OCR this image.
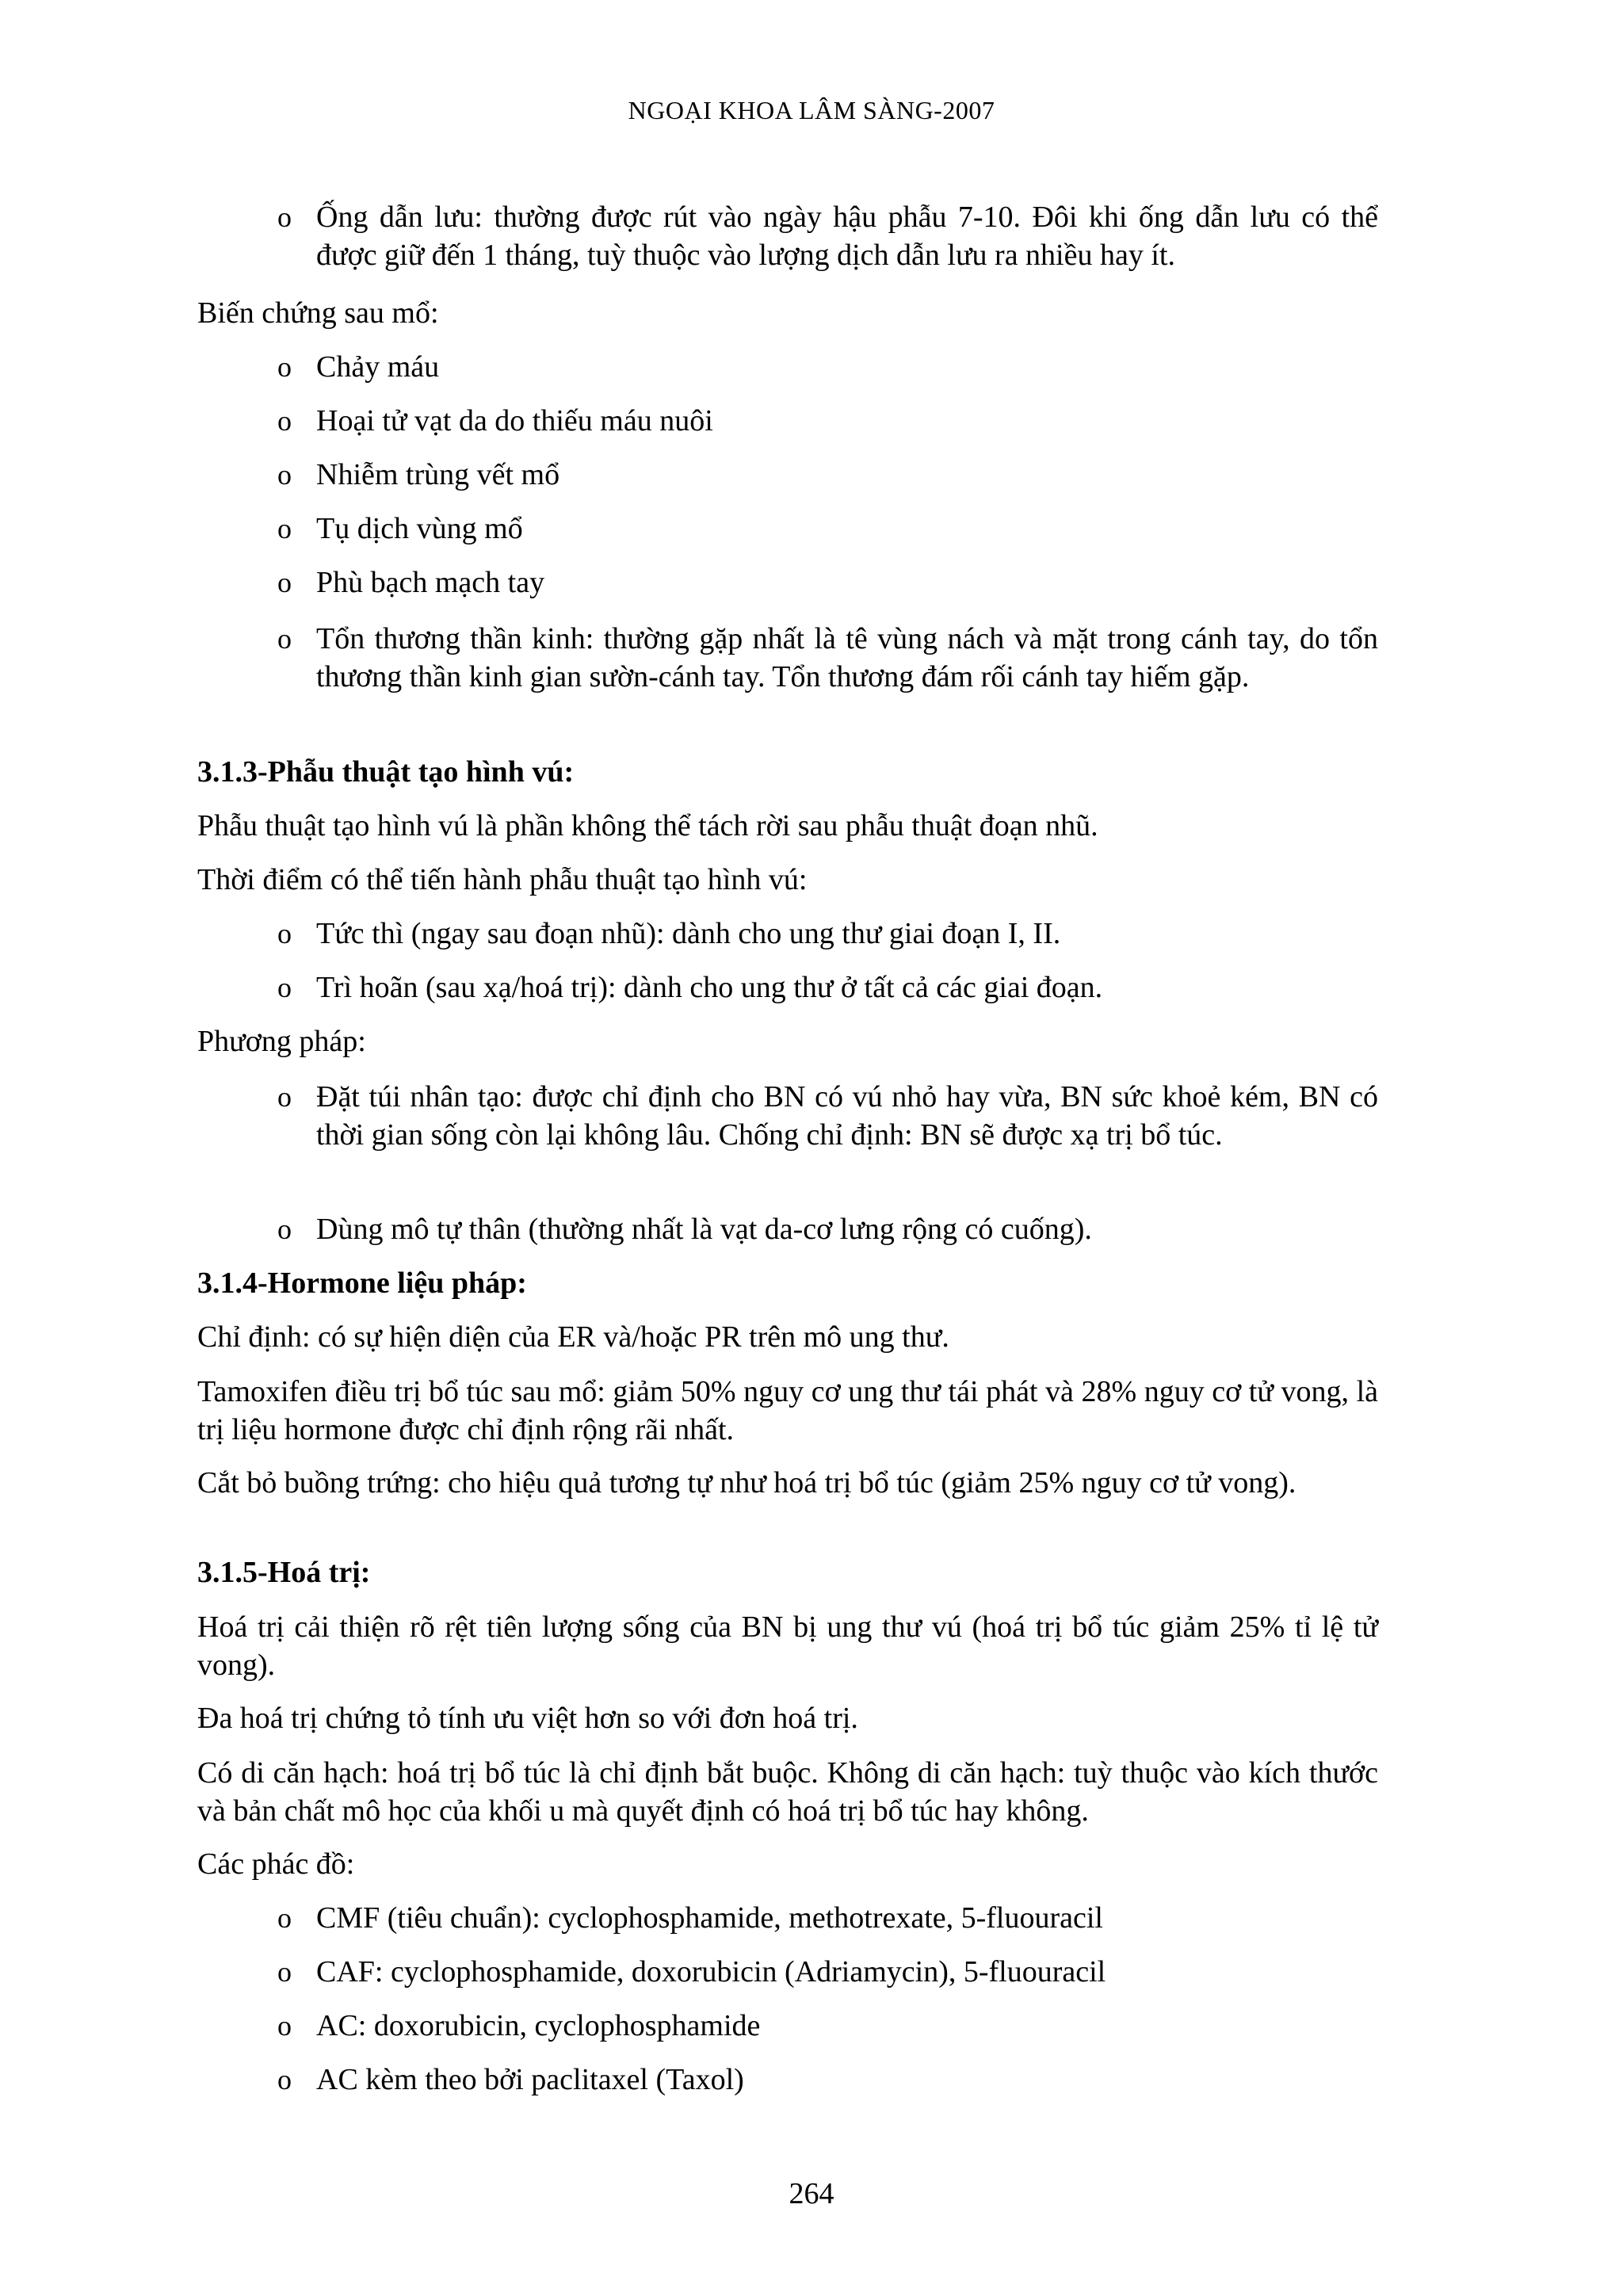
NGOẠI KHOA LÂM SÀNG-2007
o Ống dẫn lưu: thường được rút vào ngày hậu phẫu 7-10. Đôi khi ống dẫn lưu có thể được giữ đến 1 tháng, tuỳ thuộc vào lượng dịch dẫn lưu ra nhiều hay ít.
Biến chứng sau mổ:
o Chảy máu
o Hoại tử vạt da do thiếu máu nuôi
o Nhiễm trùng vết mổ
o Tụ dịch vùng mổ
o Phù bạch mạch tay
o Tổn thương thần kinh: thường gặp nhất là tê vùng nách và mặt trong cánh tay, do tổn thương thần kinh gian sườn-cánh tay. Tổn thương đám rối cánh tay hiếm gặp.
3.1.3-Phẫu thuật tạo hình vú:
Phẫu thuật tạo hình vú là phần không thể tách rời sau phẫu thuật đoạn nhũ.
Thời điểm có thể tiến hành phẫu thuật tạo hình vú:
o Tức thì (ngay sau đoạn nhũ): dành cho ung thư giai đoạn I, II.
o Trì hoãn (sau xạ/hoá trị): dành cho ung thư ở tất cả các giai đoạn.
Phương pháp:
o Đặt túi nhân tạo: được chỉ định cho BN có vú nhỏ hay vừa, BN sức khoẻ kém, BN có thời gian sống còn lại không lâu. Chống chỉ định: BN sẽ được xạ trị bổ túc.
o Dùng mô tự thân (thường nhất là vạt da-cơ lưng rộng có cuống).
3.1.4-Hormone liệu pháp:
Chỉ định: có sự hiện diện của ER và/hoặc PR trên mô ung thư.
Tamoxifen điều trị bổ túc sau mổ: giảm 50% nguy cơ ung thư tái phát và 28% nguy cơ tử vong, là trị liệu hormone được chỉ định rộng rãi nhất.
Cắt bỏ buồng trứng: cho hiệu quả tương tự như hoá trị bổ túc (giảm 25% nguy cơ tử vong).
3.1.5-Hoá trị:
Hoá trị cải thiện rõ rệt tiên lượng sống của BN bị ung thư vú (hoá trị bổ túc giảm 25% tỉ lệ tử vong).
Đa hoá trị chứng tỏ tính ưu việt hơn so với đơn hoá trị.
Có di căn hạch: hoá trị bổ túc là chỉ định bắt buộc. Không di căn hạch: tuỳ thuộc vào kích thước và bản chất mô học của khối u mà quyết định có hoá trị bổ túc hay không.
Các phác đồ:
o CMF (tiêu chuẩn): cyclophosphamide, methotrexate, 5-fluouracil
o CAF: cyclophosphamide, doxorubicin (Adriamycin), 5-fluouracil
o AC: doxorubicin, cyclophosphamide
o AC kèm theo bởi paclitaxel (Taxol)
264
